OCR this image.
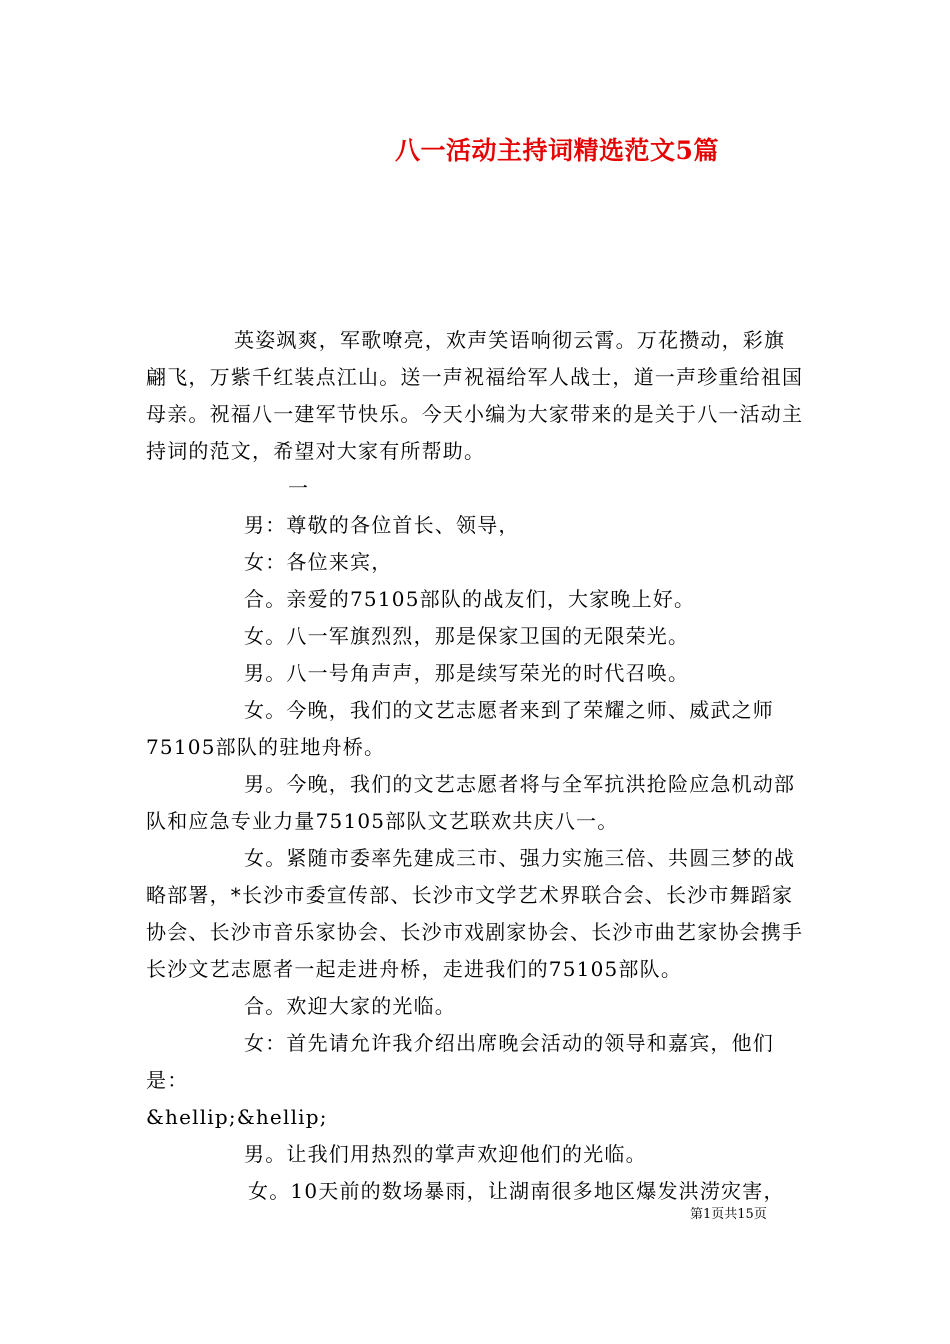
八一活动主持词精选范文5篇

英姿飒爽，军歌嘹亮，欢声笑语响彻云霄。万花攒动，彩旗翩飞，万紫千红装点江山。送一声祝福给军人战士，道一声珍重给祖国母亲。祝福八一建军节快乐。今天小编为大家带来的是关于八一活动主持词的范文，希望对大家有所帮助。

一

男：尊敬的各位首长、领导，

女：各位来宾，

合。亲爱的75105部队的战友们，大家晚上好。

女。八一军旗烈烈，那是保家卫国的无限荣光。

男。八一号角声声，那是续写荣光的时代召唤。

女。今晚，我们的文艺志愿者来到了荣耀之师、威武之师75105部队的驻地舟桥。

男。今晚，我们的文艺志愿者将与全军抗洪抢险应急机动部队和应急专业力量75105部队文艺联欢共庆八一。

女。紧随市委率先建成三市、强力实施三倍、共圆三梦的战略部署，*长沙市委宣传部、长沙市文学艺术界联合会、长沙市舞蹈家协会、长沙市音乐家协会、长沙市戏剧家协会、长沙市曲艺家协会携手长沙文艺志愿者一起走进舟桥，走进我们的75105部队。

合。欢迎大家的光临。

女：首先请允许我介绍出席晚会活动的领导和嘉宾，他们是：

&hellip;&hellip;

男。让我们用热烈的掌声欢迎他们的光临。

女。10天前的数场暴雨，让湖南很多地区爆发洪涝灾害，

第1页共15页
